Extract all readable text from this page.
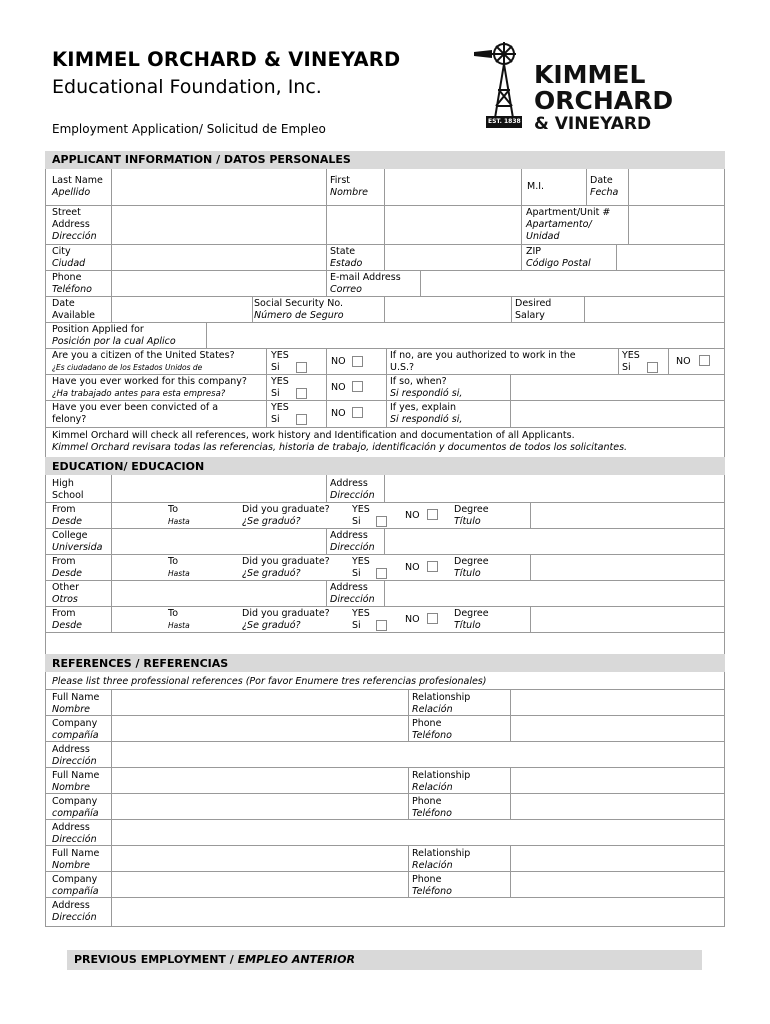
KIMMEL ORCHARD & VINEYARD
Educational Foundation, Inc.
Employment Application/ Solicitud de Empleo
EST. 1838
KIMMEL
ORCHARD
& VINEYARD
APPLICANT INFORMATION / DATOS PERSONALES
Last Name
Apellido
First
Nombre
M.I.
Date
Fecha
Street
Address
Dirección
Apartment/Unit #
Apartamento/
Unidad
City
Ciudad
State
Estado
ZIP
Código Postal
Phone
Teléfono
E-mail Address
Correo
Date
Available
Social Security No.
Número de Seguro
Desired
Salary
Position Applied for
Posición por la cual Aplico
Are you a citizen of the United States?
¿Es ciudadano de los Estados Unidos de
YES
Si
NO
If no, are you authorized to work in the
U.S.?
YES
Si
NO
Have you ever worked for this company?
¿Ha trabajado antes para esta empresa?
YES
Si
NO
If so, when?
Si respondió si,
Have you ever been convicted of a
felony?
YES
Si
NO
If yes, explain
Si respondió si,
Kimmel Orchard will check all references, work history and Identification and documentation of all Applicants.
Kimmel Orchard revisara todas las referencias, historia de trabajo, identificación y documentos de todos los solicitantes.
EDUCATION/ EDUCACION
High
School
Address
Dirección
From
Desde
To
Hasta
Did you graduate?
¿Se graduó?
YES
Si
NO
Degree
Título
College
Universida
Address
Dirección
From
Desde
To
Hasta
Did you graduate?
¿Se graduó?
YES
Si
NO
Degree
Título
Other
Otros
Address
Dirección
From
Desde
To
Hasta
Did you graduate?
¿Se graduó?
YES
Si
NO
Degree
Título
REFERENCES / REFERENCIAS
Please list three professional references (Por favor Enumere tres referencias profesionales)
Full Name
Nombre
Relationship
Relación
Company
compañía
Phone
Teléfono
Address
Dirección
Full Name
Nombre
Relationship
Relación
Company
compañía
Phone
Teléfono
Address
Dirección
Full Name
Nombre
Relationship
Relación
Company
compañía
Phone
Teléfono
Address
Dirección
PREVIOUS EMPLOYMENT / EMPLEO ANTERIOR
